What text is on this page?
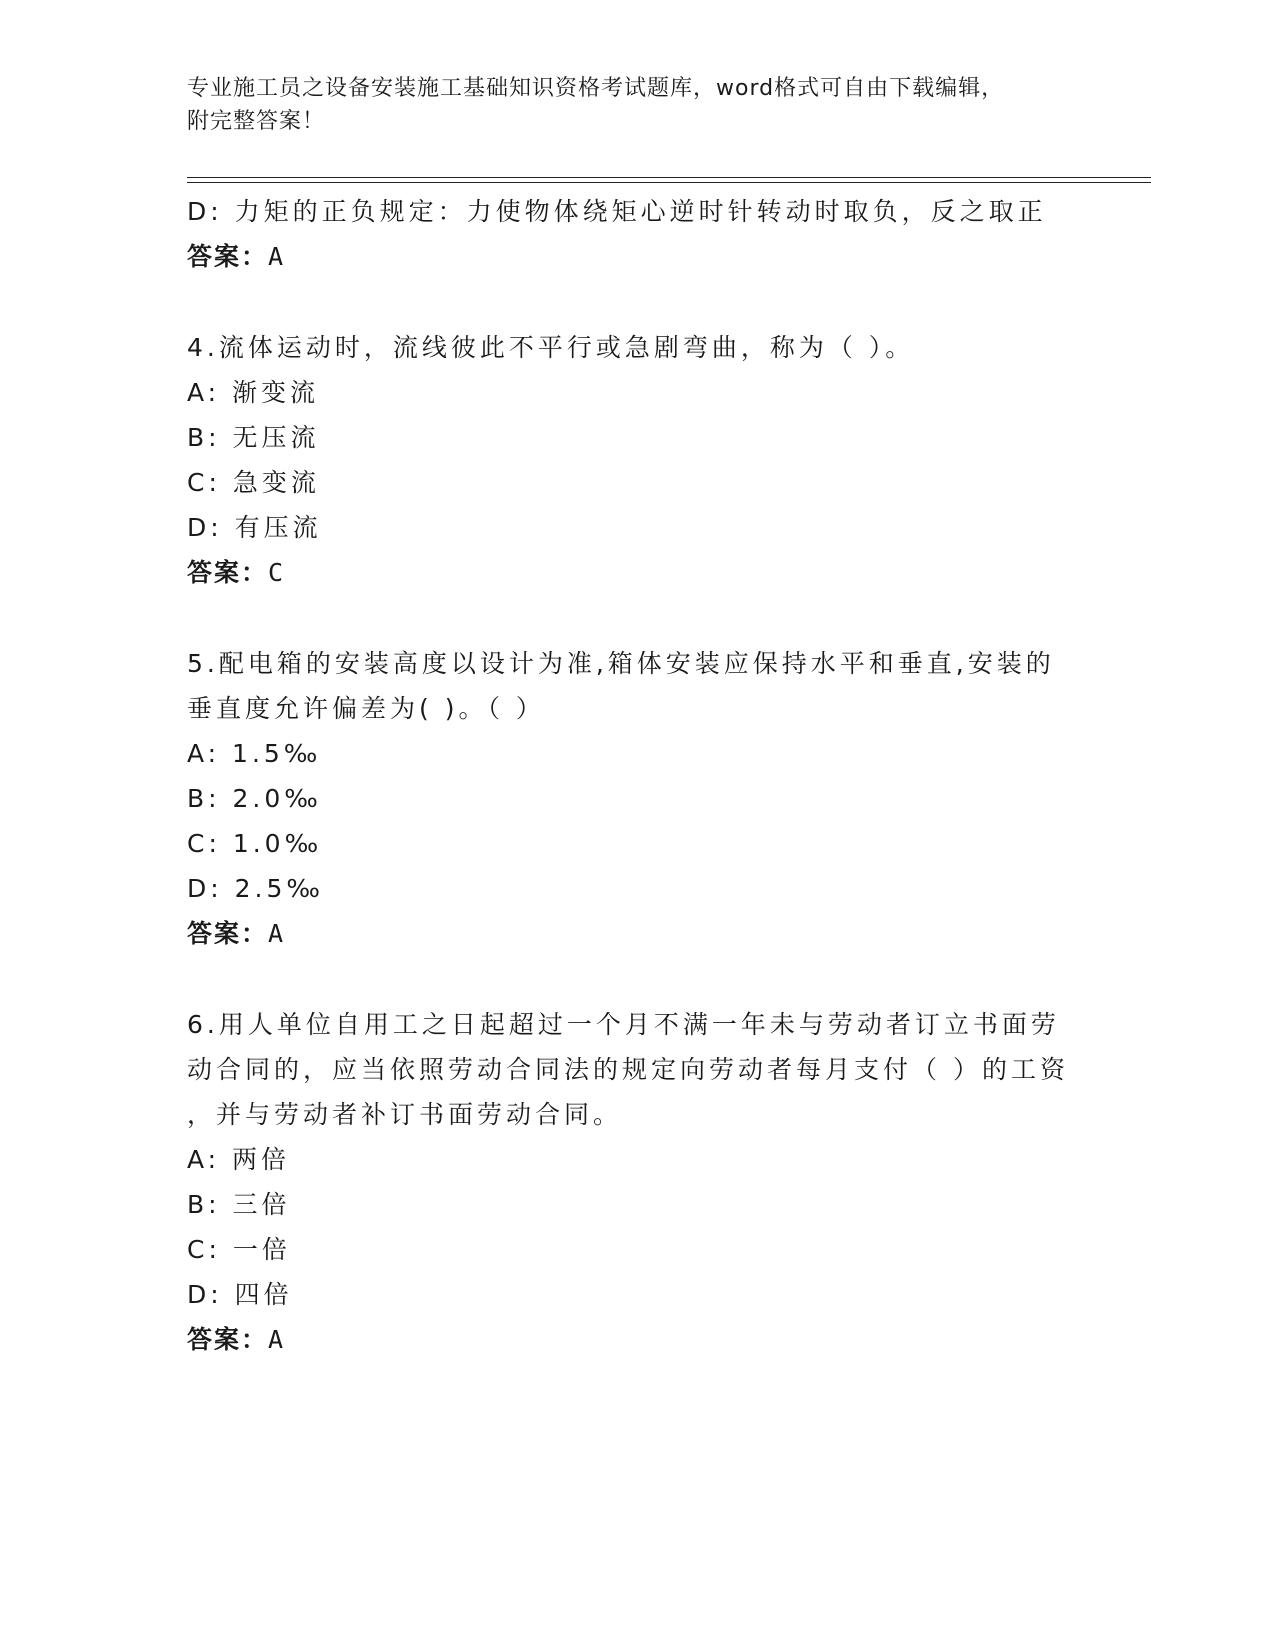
专业施工员之设备安装施工基础知识资格考试题库，word格式可自由下载编辑，
附完整答案！
D: 力矩的正负规定：力使物体绕矩心逆时针转动时取负，反之取正
答案：A
4.流体运动时，流线彼此不平行或急剧弯曲，称为（ ）。
A: 渐变流
B: 无压流
C: 急变流
D: 有压流
答案：C
5.配电箱的安装高度以设计为准,箱体安装应保持水平和垂直,安装的
垂直度允许偏差为( )。（ ）
A: 1.5‰
B: 2.0‰
C: 1.0‰
D: 2.5‰
答案：A
6.用人单位自用工之日起超过一个月不满一年未与劳动者订立书面劳
动合同的，应当依照劳动合同法的规定向劳动者每月支付（ ）的工资
，并与劳动者补订书面劳动合同。
A: 两倍
B: 三倍
C: 一倍
D: 四倍
答案：A
